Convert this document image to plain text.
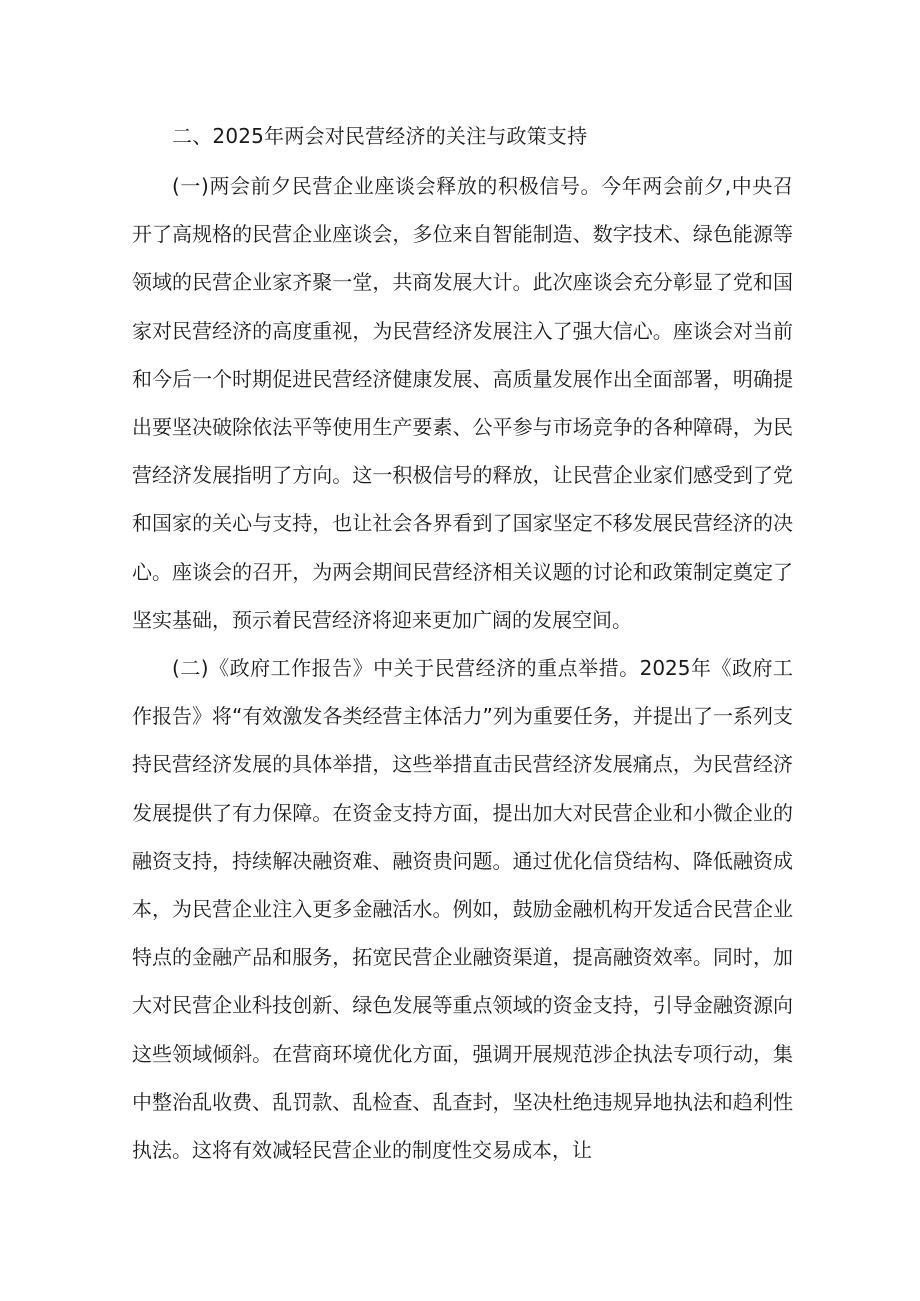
二、2025年两会对民营经济的关注与政策支持

(一)两会前夕民营企业座谈会释放的积极信号。今年两会前夕,中央召开了高规格的民营企业座谈会，多位来自智能制造、数字技术、绿色能源等领域的民营企业家齐聚一堂，共商发展大计。此次座谈会充分彰显了党和国家对民营经济的高度重视，为民营经济发展注入了强大信心。座谈会对当前和今后一个时期促进民营经济健康发展、高质量发展作出全面部署，明确提出要坚决破除依法平等使用生产要素、公平参与市场竞争的各种障碍，为民营经济发展指明了方向。这一积极信号的释放，让民营企业家们感受到了党和国家的关心与支持，也让社会各界看到了国家坚定不移发展民营经济的决心。座谈会的召开，为两会期间民营经济相关议题的讨论和政策制定奠定了坚实基础，预示着民营经济将迎来更加广阔的发展空间。

(二)《政府工作报告》中关于民营经济的重点举措。2025年《政府工作报告》将“有效激发各类经营主体活力”列为重要任务，并提出了一系列支持民营经济发展的具体举措，这些举措直击民营经济发展痛点，为民营经济发展提供了有力保障。在资金支持方面，提出加大对民营企业和小微企业的融资支持，持续解决融资难、融资贵问题。通过优化信贷结构、降低融资成本，为民营企业注入更多金融活水。例如，鼓励金融机构开发适合民营企业特点的金融产品和服务，拓宽民营企业融资渠道，提高融资效率。同时，加大对民营企业科技创新、绿色发展等重点领域的资金支持，引导金融资源向这些领域倾斜。在营商环境优化方面，强调开展规范涉企执法专项行动，集中整治乱收费、乱罚款、乱检查、乱查封，坚决杜绝违规异地执法和趋利性执法。这将有效减轻民营企业的制度性交易成本，让
